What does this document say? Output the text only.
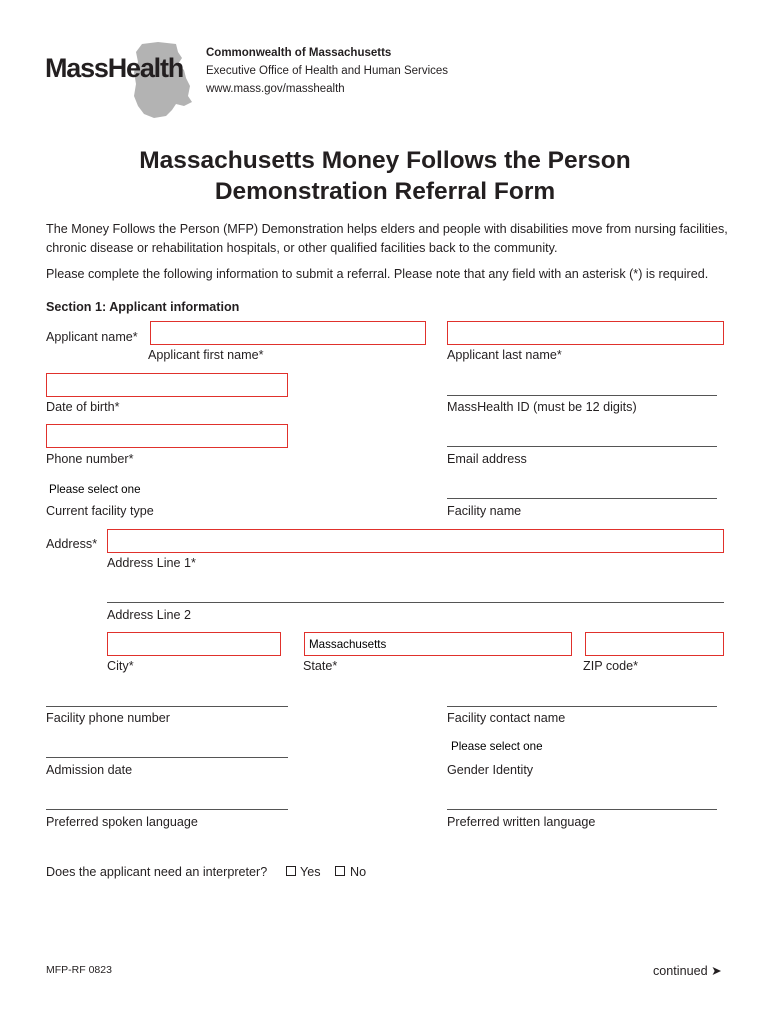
MassHealth Commonwealth of Massachusetts
Executive Office of Health and Human Services
www.mass.gov/masshealth
Massachusetts Money Follows the Person
Demonstration Referral Form
The Money Follows the Person (MFP) Demonstration helps elders and people with disabilities move from nursing facilities, chronic disease or rehabilitation hospitals, or other qualified facilities back to the community.
Please complete the following information to submit a referral. Please note that any field with an asterisk (*) is required.
Section 1: Applicant information
Applicant name*
Applicant first name*	Applicant last name*
Date of birth*	MassHealth ID (must be 12 digits)
Phone number*	Email address
Please select one
Current facility type	Facility name
Address*
Address Line 1*
Address Line 2
Massachusetts
City*	State*	ZIP code*
Facility phone number	Facility contact name
Please select one
Admission date	Gender Identity
Preferred spoken language	Preferred written language
Does the applicant need an interpreter?	Yes No
MFP-RF 0823	continued ➤
